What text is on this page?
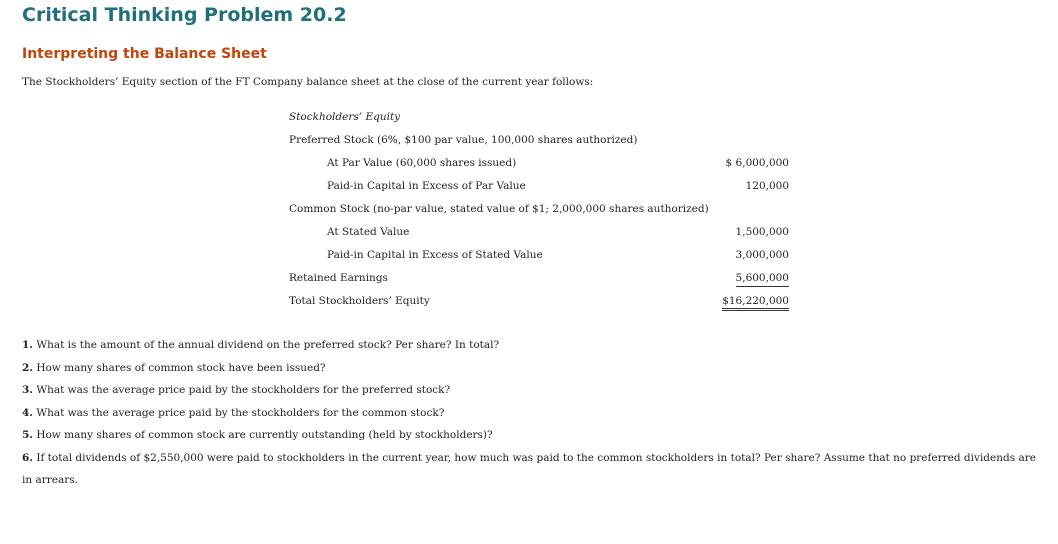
Critical Thinking Problem 20.2
Interpreting the Balance Sheet
The Stockholders’ Equity section of the FT Company balance sheet at the close of the current year follows:
Stockholders’ Equity
Preferred Stock (6%, $100 par value, 100,000 shares authorized)
At Par Value (60,000 shares issued)	$ 6,000,000
Paid-in Capital in Excess of Par Value	120,000
Common Stock (no-par value, stated value of $1; 2,000,000 shares authorized)
At Stated Value	1,500,000
Paid-in Capital in Excess of Stated Value	3,000,000
Retained Earnings	5,600,000
Total Stockholders’ Equity	$16,220,000
1. What is the amount of the annual dividend on the preferred stock? Per share? In total?
2. How many shares of common stock have been issued?
3. What was the average price paid by the stockholders for the preferred stock?
4. What was the average price paid by the stockholders for the common stock?
5. How many shares of common stock are currently outstanding (held by stockholders)?
6. If total dividends of $2,550,000 were paid to stockholders in the current year, how much was paid to the common stockholders in total? Per share? Assume that no preferred dividends are in arrears.
